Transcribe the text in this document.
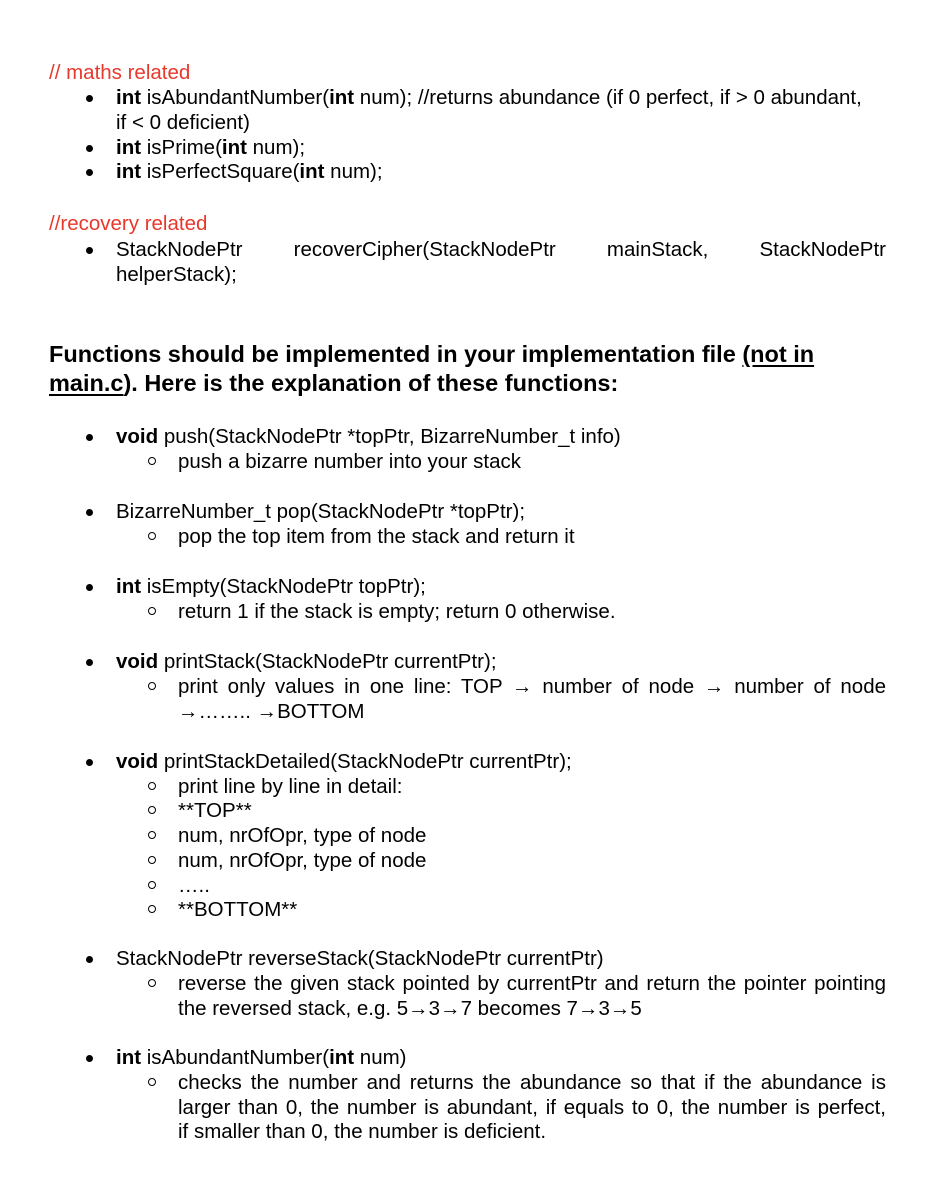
// maths related
int isAbundantNumber(int num); //returns abundance (if 0 perfect, if > 0 abundant,
if < 0 deficient)
int isPrime(int num);
int isPerfectSquare(int num);
//recovery related
StackNodePtr recoverCipher(StackNodePtr mainStack, StackNodePtr
helperStack);
Functions should be implemented in your implementation file (not in
main.c). Here is the explanation of these functions:
void push(StackNodePtr *topPtr, BizarreNumber_t info)
push a bizarre number into your stack
BizarreNumber_t pop(StackNodePtr *topPtr);
pop the top item from the stack and return it
int isEmpty(StackNodePtr topPtr);
return 1 if the stack is empty; return 0 otherwise.
void printStack(StackNodePtr currentPtr);
print only values in one line: TOP → number of node → number of node
→…….. →BOTTOM
void printStackDetailed(StackNodePtr currentPtr);
print line by line in detail:
**TOP**
num, nrOfOpr, type of node
num, nrOfOpr, type of node
…..
**BOTTOM**
StackNodePtr reverseStack(StackNodePtr currentPtr)
reverse the given stack pointed by currentPtr and return the pointer pointing
the reversed stack, e.g. 5→3→7 becomes 7→3→5
int isAbundantNumber(int num)
checks the number and returns the abundance so that if the abundance is
larger than 0, the number is abundant, if equals to 0, the number is perfect,
if smaller than 0, the number is deficient.
